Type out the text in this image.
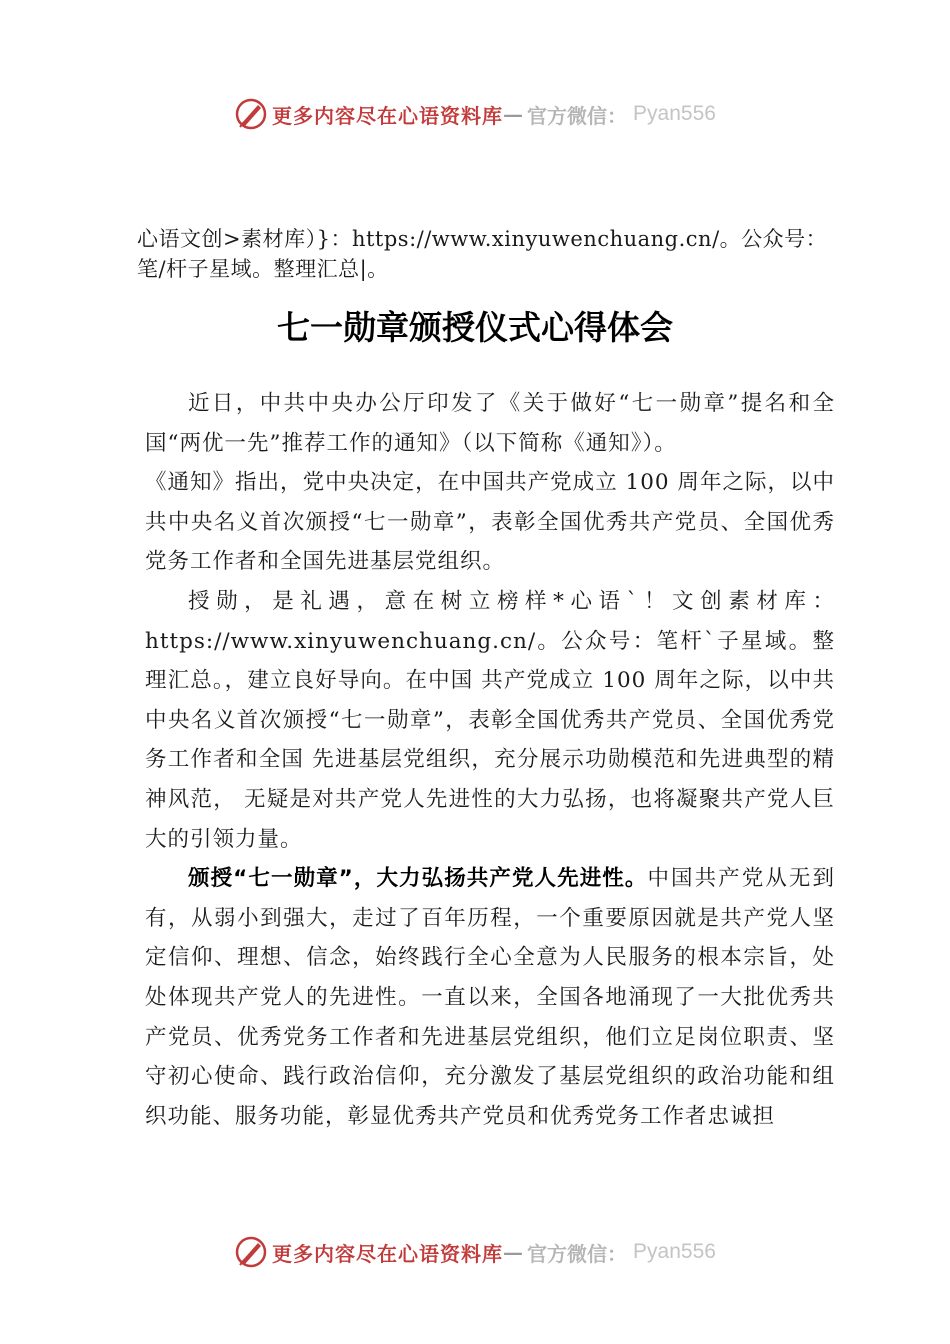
更多内容尽在心语资料库 — 官方微信： Pyan556
心语文创>素材库）}：https://www.xinyuwenchuang.cn/。公众号：笔/杆子星域。整理汇总|。
七一勋章颁授仪式心得体会

近日，中共中央办公厅印发了《关于做好“七一勋章”提名和全国“两优一先”推荐工作的通知》（以下简称《通知》）。

《通知》指出，党中央决定，在中国共产党成立 100 周年之际，以中共中央名义首次颁授“七一勋章”，表彰全国优秀共产党员、全国优秀党务工作者和全国先进基层党组织。

授勋，是礼遇，意在树立榜样*心语`！文创素材库：https://www.xinyuwenchuang.cn/。公众号：笔杆`子星域。整理汇总。，建立良好导向。在中国 共产党成立 100 周年之际，以中共中央名义首次颁授“七一勋章”，表彰全国优秀共产党员、全国优秀党务工作者和全国 先进基层党组织，充分展示功勋模范和先进典型的精神风范， 无疑是对共产党人先进性的大力弘扬，也将凝聚共产党人巨 大的引领力量。

颁授“七一勋章”，大力弘扬共产党人先进性。中国共产党从无到有，从弱小到强大，走过了百年历程，一个重要原因就是共产党人坚定信仰、理想、信念，始终践行全心全意为人民服务的根本宗旨，处处体现共产党人的先进性。一直以来，全国各地涌现了一大批优秀共产党员、优秀党务工作者和先进基层党组织，他们立足岗位职责、坚守初心使命、践行政治信仰，充分激发了基层党组织的政治功能和组织功能、服务功能，彰显优秀共产党员和优秀党务工作者忠诚担

更多内容尽在心语资料库 — 官方微信： Pyan556
